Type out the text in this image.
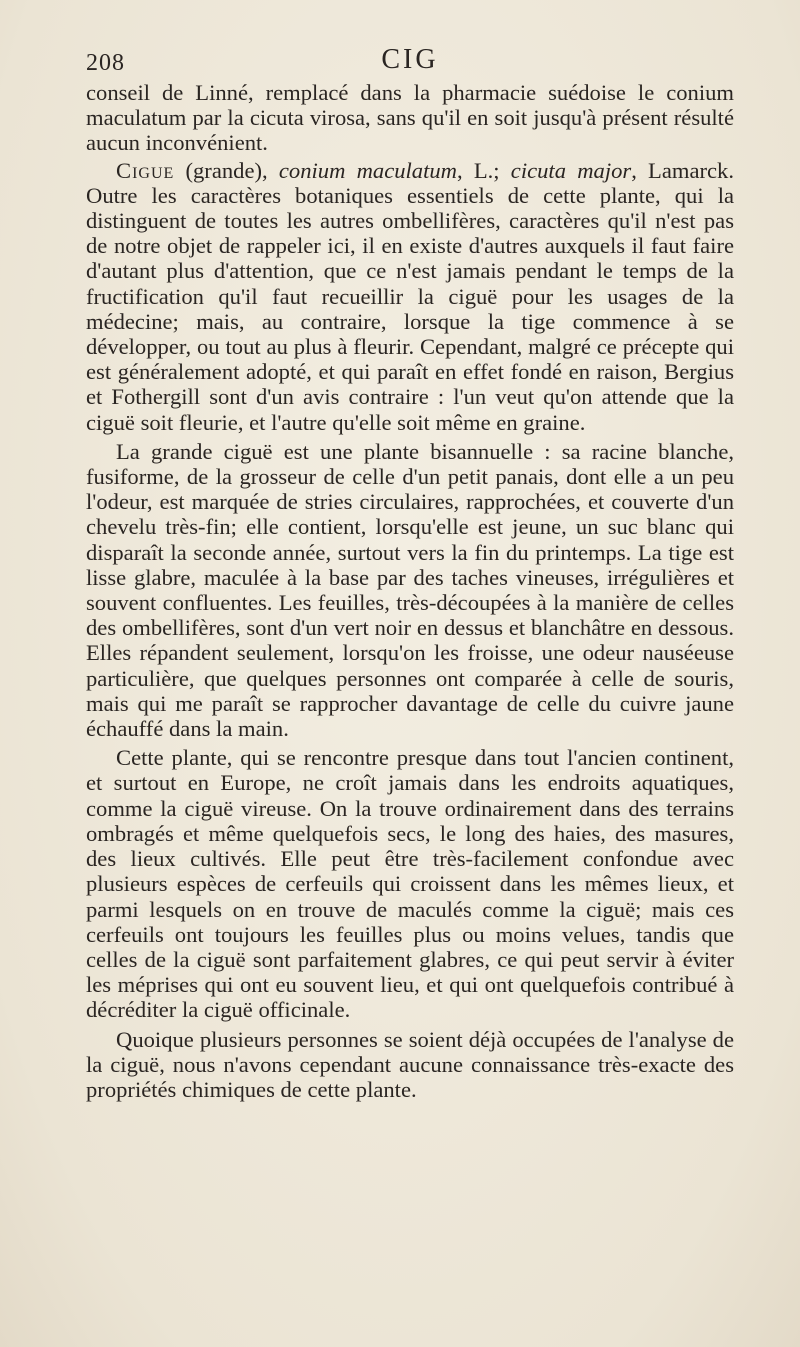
208	CIG

conseil de Linné, remplacé dans la pharmacie suédoise le conium maculatum par la cicuta virosa, sans qu'il en soit jusqu'à présent résulté aucun inconvénient.

Cigue (grande), conium maculatum, L.; cicuta major, Lamarck. Outre les caractères botaniques essentiels de cette plante, qui la distinguent de toutes les autres ombellifères, caractères qu'il n'est pas de notre objet de rappeler ici, il en existe d'autres auxquels il faut faire d'autant plus d'attention, que ce n'est jamais pendant le temps de la fructification qu'il faut recueillir la ciguë pour les usages de la médecine; mais, au contraire, lorsque la tige commence à se développer, ou tout au plus à fleurir. Cependant, malgré ce précepte qui est généralement adopté, et qui paraît en effet fondé en raison, Bergius et Fothergill sont d'un avis contraire : l'un veut qu'on attende que la ciguë soit fleurie, et l'autre qu'elle soit même en graine.

La grande ciguë est une plante bisannuelle : sa racine blanche, fusiforme, de la grosseur de celle d'un petit panais, dont elle a un peu l'odeur, est marquée de stries circulaires, rapprochées, et couverte d'un chevelu très-fin; elle contient, lorsqu'elle est jeune, un suc blanc qui disparaît la seconde année, surtout vers la fin du printemps. La tige est lisse glabre, maculée à la base par des taches vineuses, irrégulières et souvent confluentes. Les feuilles, très-découpées à la manière de celles des ombellifères, sont d'un vert noir en dessus et blanchâtre en dessous. Elles répandent seulement, lorsqu'on les froisse, une odeur nauséeuse particulière, que quelques personnes ont comparée à celle de souris, mais qui me paraît se rapprocher davantage de celle du cuivre jaune échauffé dans la main.

Cette plante, qui se rencontre presque dans tout l'ancien continent, et surtout en Europe, ne croît jamais dans les endroits aquatiques, comme la ciguë vireuse. On la trouve ordinairement dans des terrains ombragés et même quelquefois secs, le long des haies, des masures, des lieux cultivés. Elle peut être très-facilement confondue avec plusieurs espèces de cerfeuils qui croissent dans les mêmes lieux, et parmi lesquels on en trouve de maculés comme la ciguë; mais ces cerfeuils ont toujours les feuilles plus ou moins velues, tandis que celles de la ciguë sont parfaitement glabres, ce qui peut servir à éviter les méprises qui ont eu souvent lieu, et qui ont quelquefois contribué à décréditer la ciguë officinale.

Quoique plusieurs personnes se soient déjà occupées de l'analyse de la ciguë, nous n'avons cependant aucune connaissance très-exacte des propriétés chimiques de cette plante.
